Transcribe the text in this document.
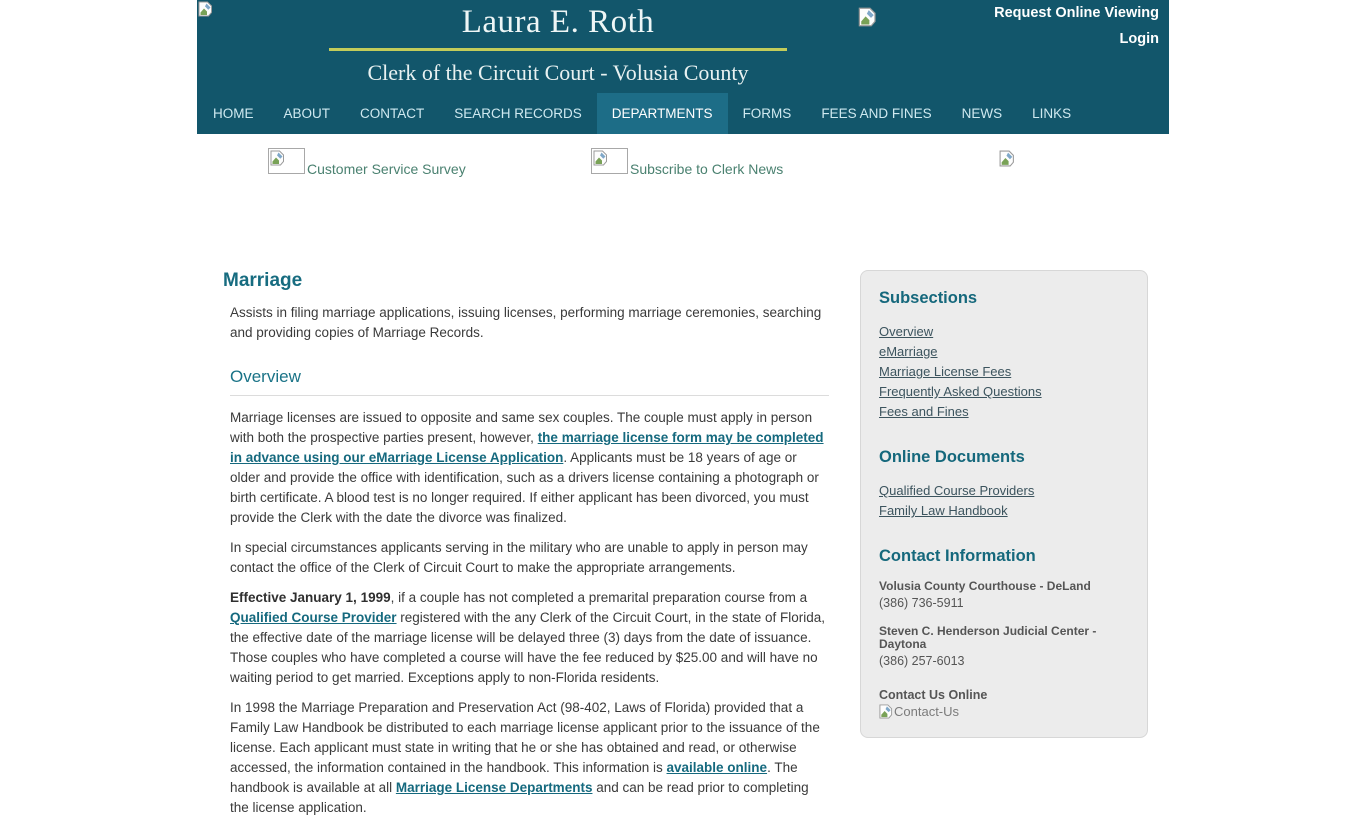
Laura E. Roth
Clerk of the Circuit Court - Volusia County
Request Online Viewing
Login
HOME	ABOUT	CONTACT	SEARCH RECORDS	DEPARTMENTS	FORMS	FEES AND FINES	NEWS	LINKS
Customer Service Survey	Subscribe to Clerk News
Marriage

Assists in filing marriage applications, issuing licenses, performing marriage ceremonies, searching and providing copies of Marriage Records.

Overview

Marriage licenses are issued to opposite and same sex couples. The couple must apply in person with both the prospective parties present, however, the marriage license form may be completed in advance using our eMarriage License Application. Applicants must be 18 years of age or older and provide the office with identification, such as a drivers license containing a photograph or birth certificate. A blood test is no longer required. If either applicant has been divorced, you must provide the Clerk with the date the divorce was finalized.

In special circumstances applicants serving in the military who are unable to apply in person may contact the office of the Clerk of Circuit Court to make the appropriate arrangements.

Effective January 1, 1999, if a couple has not completed a premarital preparation course from a Qualified Course Provider registered with the any Clerk of the Circuit Court, in the state of Florida, the effective date of the marriage license will be delayed three (3) days from the date of issuance. Those couples who have completed a course will have the fee reduced by $25.00 and will have no waiting period to get married. Exceptions apply to non-Florida residents.

In 1998 the Marriage Preparation and Preservation Act (98-402, Laws of Florida) provided that a Family Law Handbook be distributed to each marriage license applicant prior to the issuance of the license. Each applicant must state in writing that he or she has obtained and read, or otherwise accessed, the information contained in the handbook. This information is available online. The handbook is available at all Marriage License Departments and can be read prior to completing the license application.

Subsections
Overview
eMarriage
Marriage License Fees
Frequently Asked Questions
Fees and Fines
Online Documents
Qualified Course Providers
Family Law Handbook
Contact Information
Volusia County Courthouse - DeLand
(386) 736-5911
Steven C. Henderson Judicial Center - Daytona
(386) 257-6013
Contact Us Online
Contact-Us
